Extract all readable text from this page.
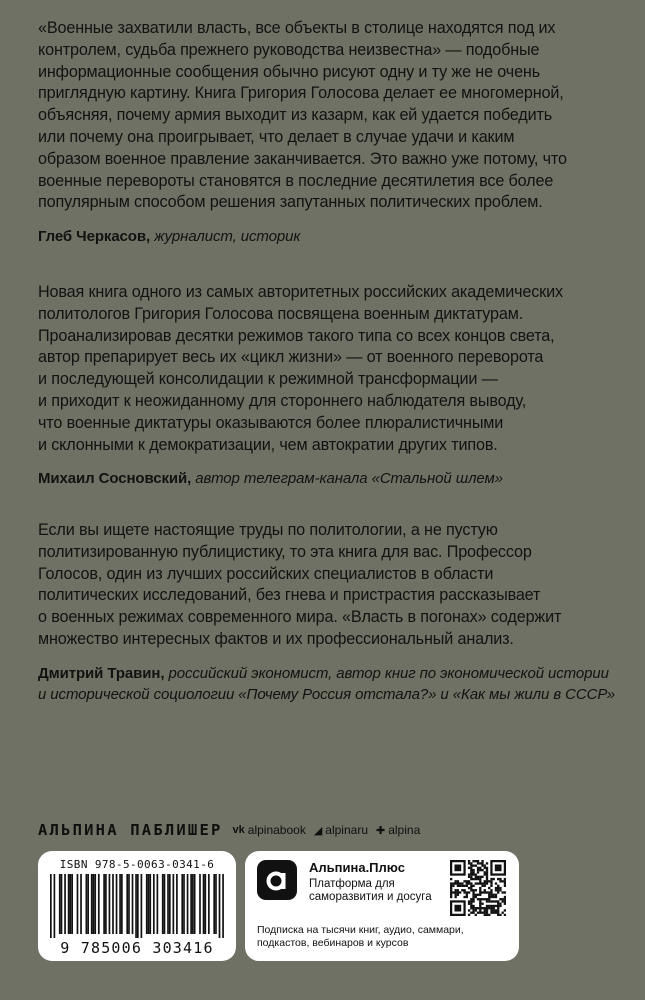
«Военные захватили власть, все объекты в столице находятся под их
контролем, судьба прежнего руководства неизвестна» — подобные
информационные сообщения обычно рисуют одну и ту же не очень
приглядную картину. Книга Григория Голосова делает ее многомерной,
объясняя, почему армия выходит из казарм, как ей удается победить
или почему она проигрывает, что делает в случае удачи и каким
образом военное правление заканчивается. Это важно уже потому, что
военные перевороты становятся в последние десятилетия все более
популярным способом решения запутанных политических проблем.

Глеб Черкасов, журналист, историк

Новая книга одного из самых авторитетных российских академических
политологов Григория Голосова посвящена военным диктатурам.
Проанализировав десятки режимов такого типа со всех концов света,
автор препарирует весь их «цикл жизни» — от военного переворота
и последующей консолидации к режимной трансформации —
и приходит к неожиданному для стороннего наблюдателя выводу,
что военные диктатуры оказываются более плюралистичными
и склонными к демократизации, чем автократии других типов.

Михаил Сосновский, автор телеграм-канала «Стальной шлем»

Если вы ищете настоящие труды по политологии, а не пустую
политизированную публицистику, то эта книга для вас. Профессор
Голосов, один из лучших российских специалистов в области
политических исследований, без гнева и пристрастия рассказывает
о военных режимах современного мира. «Власть в погонах» содержит
множество интересных фактов и их профессиональный анализ.

Дмитрий Травин, российский экономист, автор книг по экономической истории
и исторической социологии «Почему Россия отстала?» и «Как мы жили в СССР»

АЛЬПИНА ПАБЛИШЕР vk alpinabook ◢ alpinaru ✚ alpina
ISBN 978-5-0063-0341-6
9 785006 303416
Альпина.Плюс
Платформа для саморазвития и досуга
Подписка на тысячи книг, аудио, саммари, подкастов, вебинаров и курсов
